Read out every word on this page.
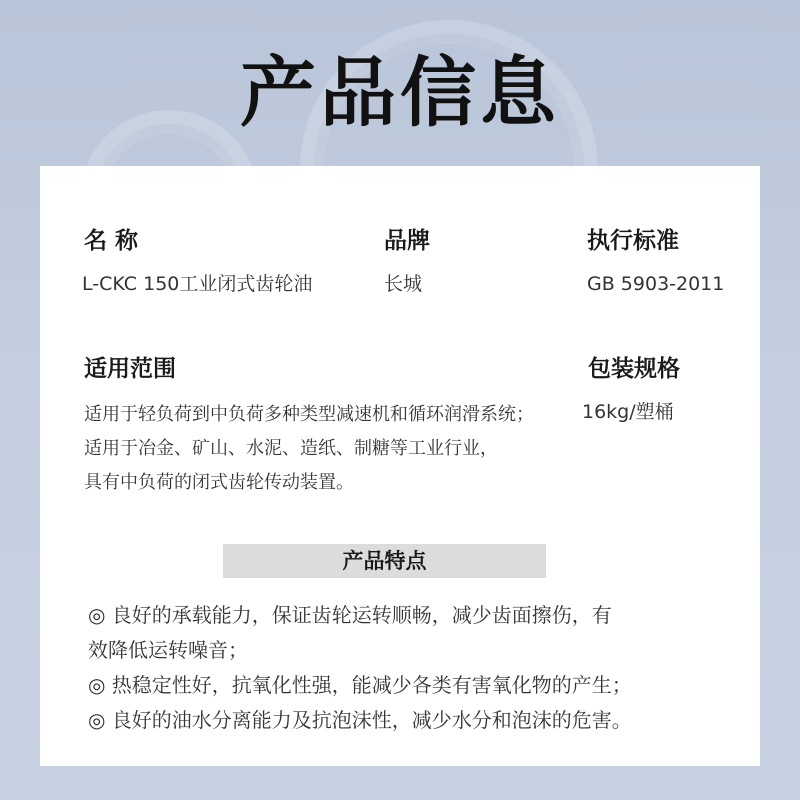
产品信息
名 称
L-CKC 150工业闭式齿轮油
品牌
长城
执行标准
GB 5903-2011
适用范围
适用于轻负荷到中负荷多种类型减速机和循环润滑系统；
适用于冶金、矿山、水泥、造纸、制糖等工业行业，
具有中负荷的闭式齿轮传动装置。
包装规格
16kg/塑桶
产品特点
◎ 良好的承载能力，保证齿轮运转顺畅，减少齿面擦伤，有
效降低运转噪音；
◎ 热稳定性好，抗氧化性强，能减少各类有害氧化物的产生；
◎ 良好的油水分离能力及抗泡沫性，减少水分和泡沫的危害。
